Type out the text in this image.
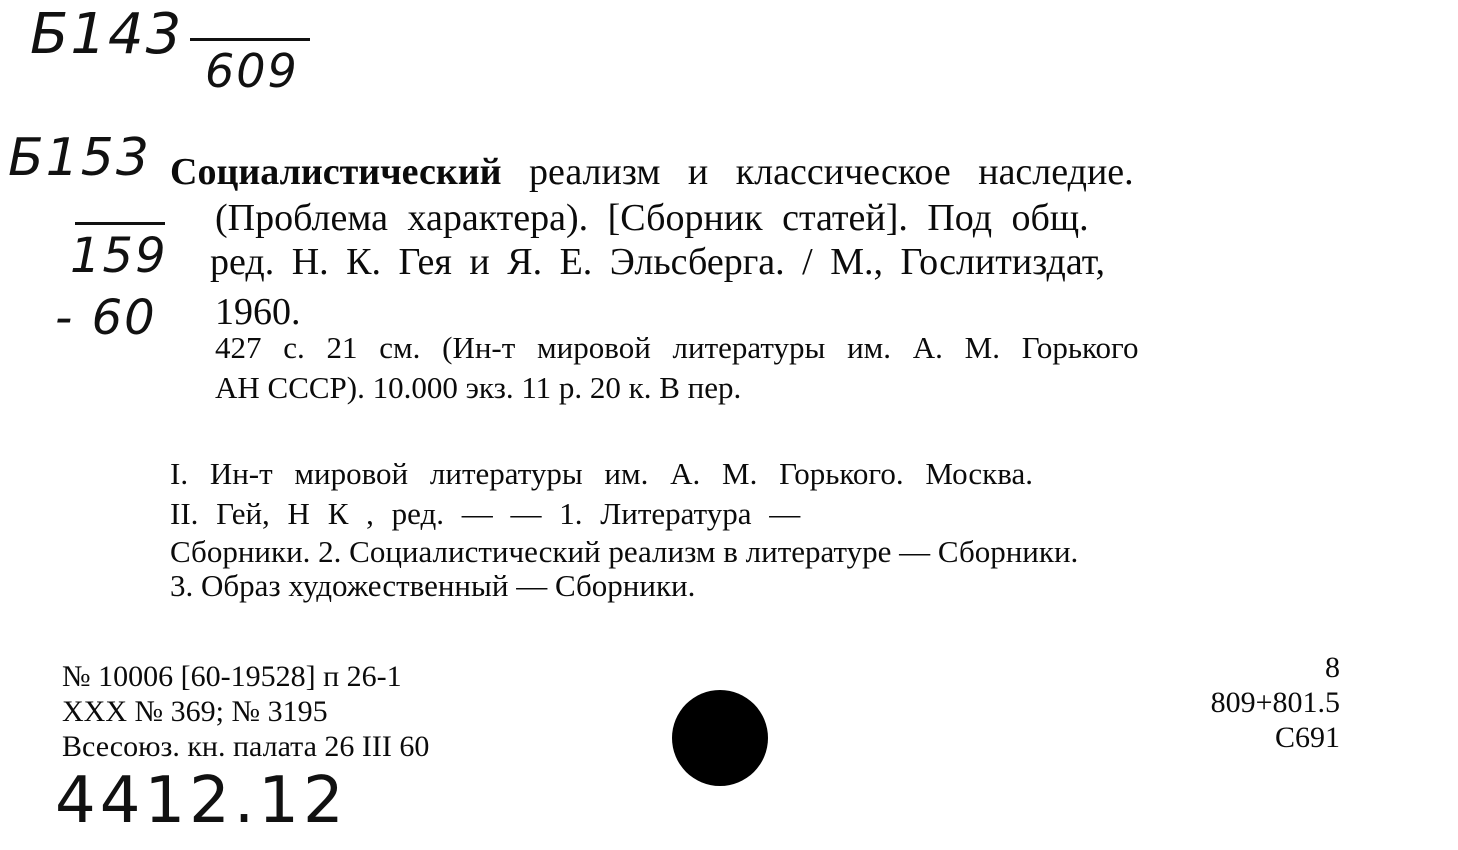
Б143
609
Б153
159
- 60
Социалистический реализм и классическое наследие.
(Проблема характера). [Сборник статей]. Под общ.
ред. Н. К. Гея и Я. Е. Эльсберга. / М., Гослитиздат,
1960.
427 с. 21 см. (Ин-т мировой литературы им. А. М. Горького
АН СССР). 10.000 экз. 11 р. 20 к. В пер.
I. Ин-т мировой литературы им. А. М. Горького. Москва.
II. Гей, Н К , ред. — — 1. Литература —
Сборники. 2. Социалистический реализм в литературе — Сборники.
3. Образ художественный — Сборники.
№ 10006 [60-19528] п 26-1
XXX № 369; № 3195
Всесоюз. кн. палата 26 III 60
8
809+801.5
С691
4412.12
